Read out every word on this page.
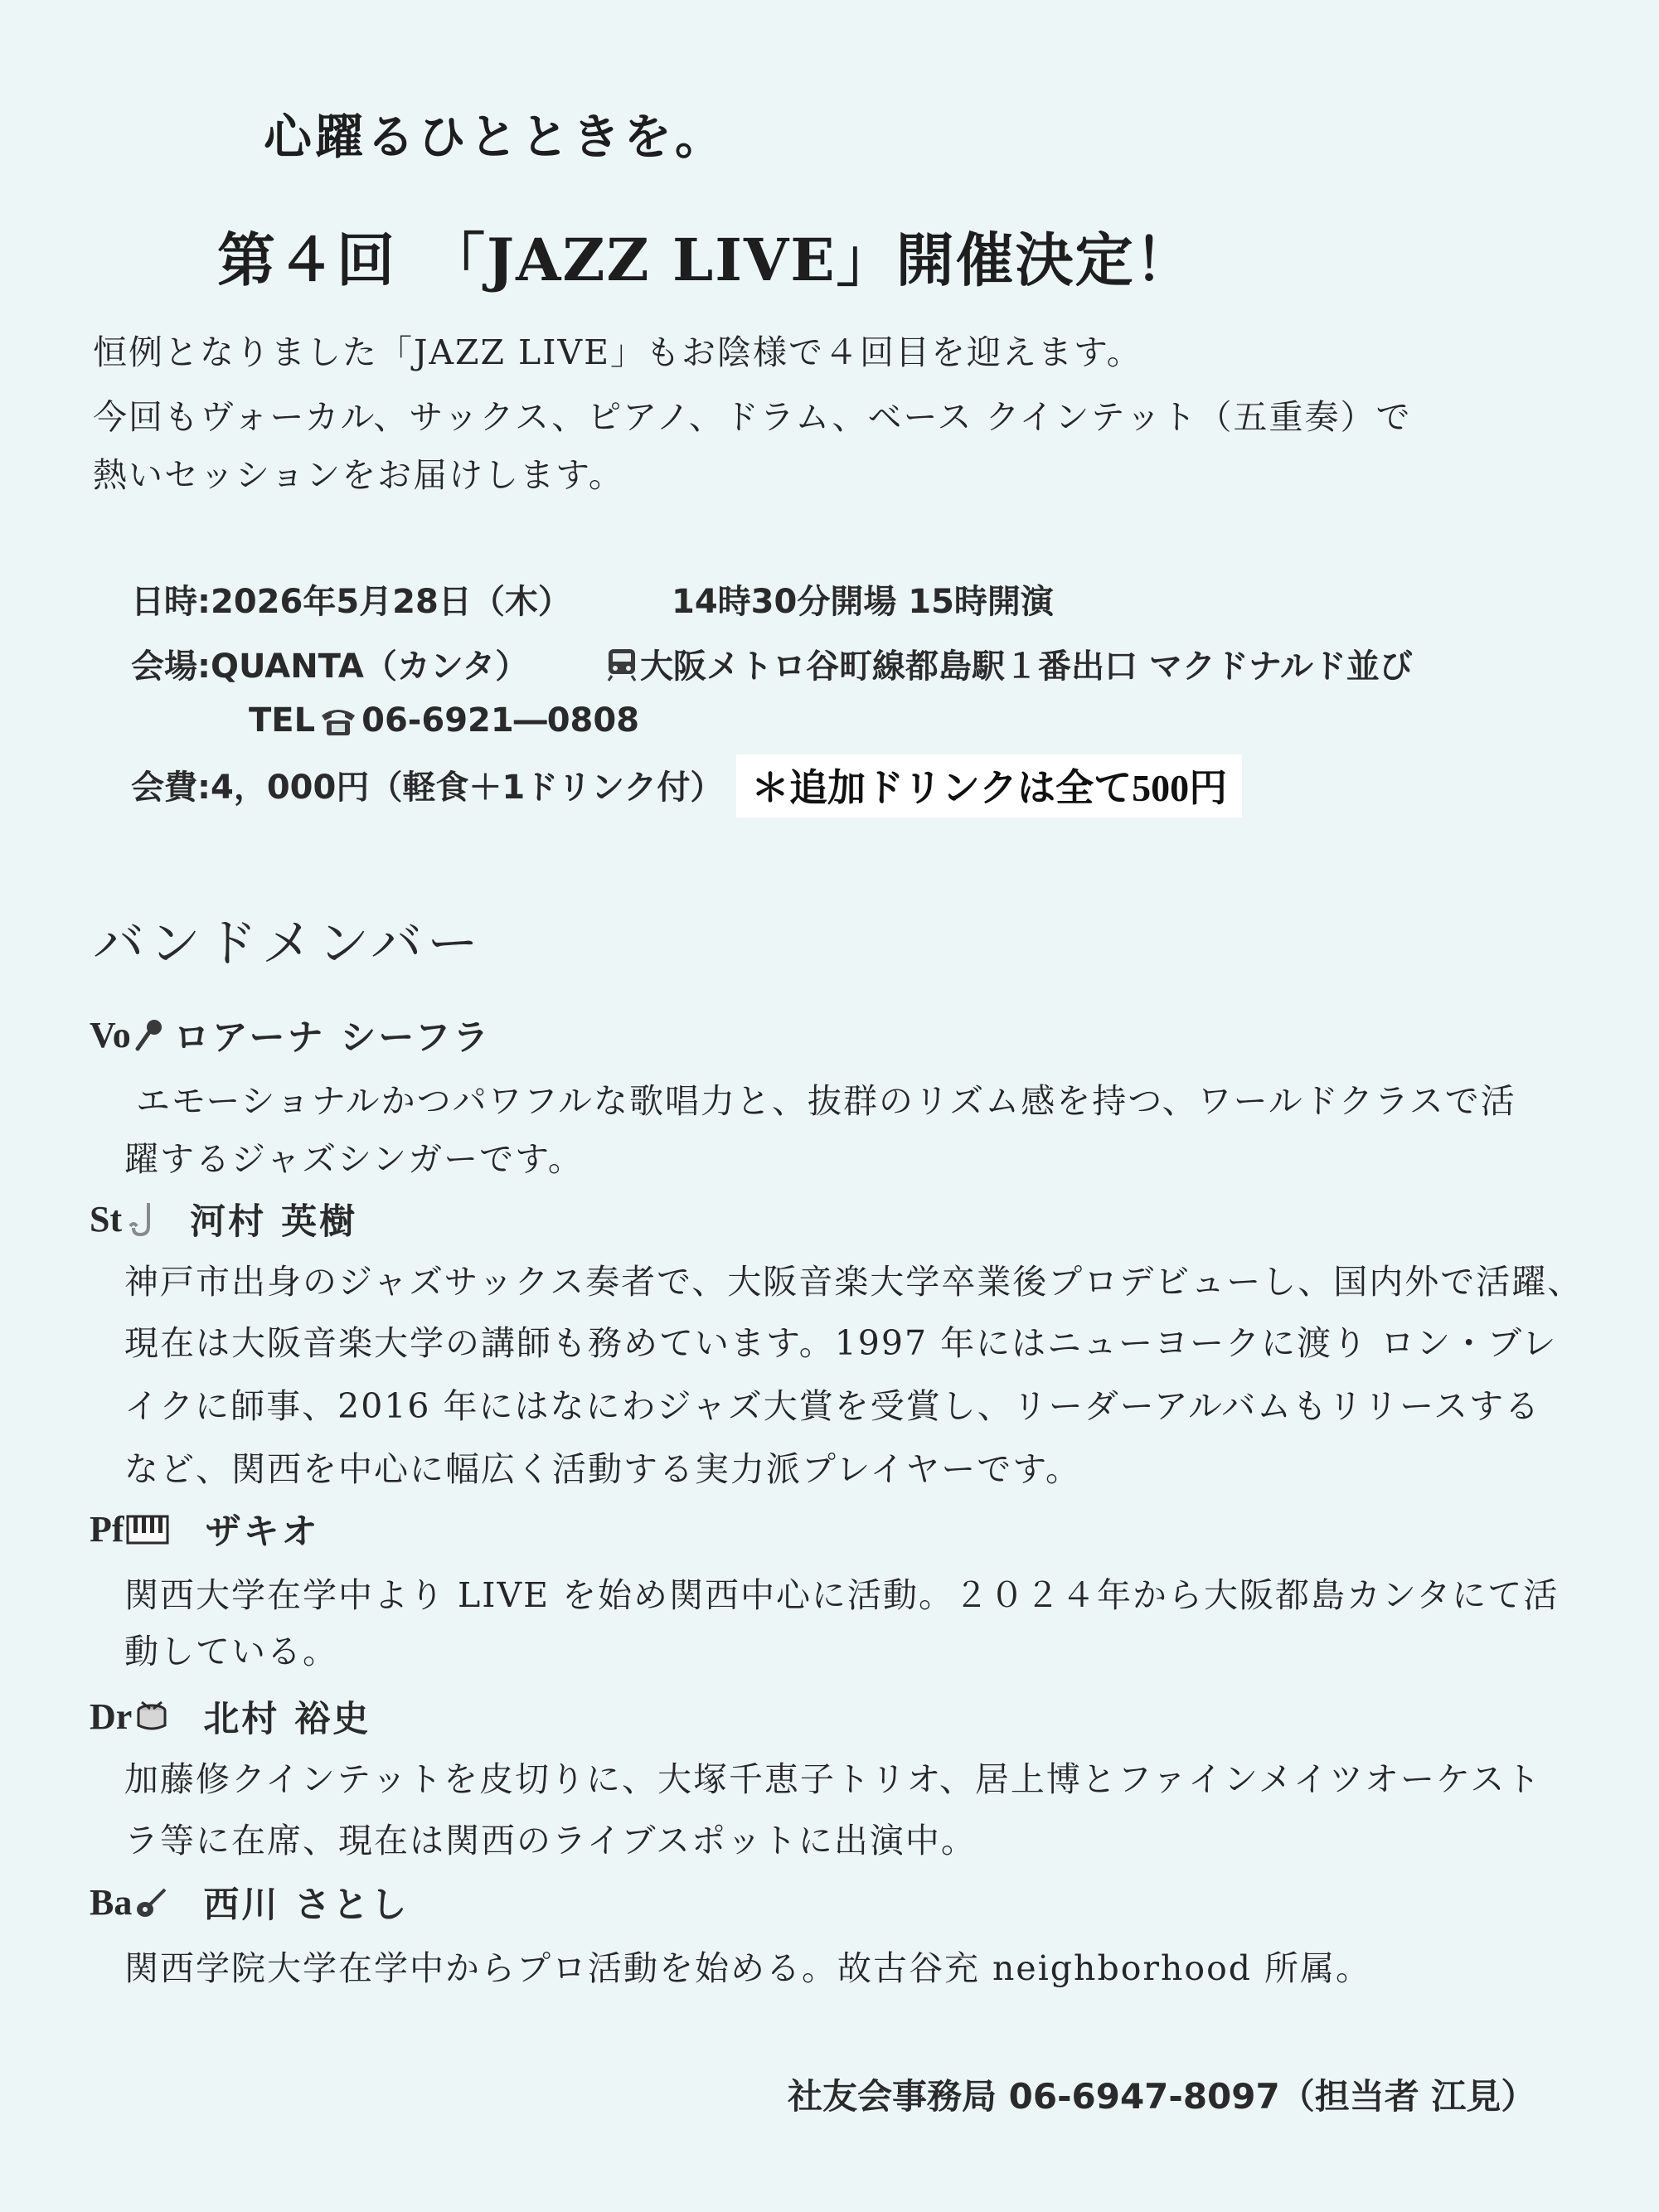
心躍るひとときを。
第４回　「JAZZ LIVE」開催決定！
恒例となりました「JAZZ LIVE」もお陰様で４回目を迎えます。
今回もヴォーカル、サックス、ピアノ、ドラム、ベース クインテット（五重奏）で
熱いセッションをお届けします。
日時:2026年5月28日（木）	14時30分開場 15時開演
会場:QUANTA（カンタ）	大阪メトロ谷町線都島駅１番出口 マクドナルド並び
TEL 06-6921―0808
会費:4，000円（軽食＋1ドリンク付） ＊追加ドリンクは全て500円
バンドメンバー
Vo ロアーナ シーフラ
エモーショナルかつパワフルな歌唱力と、抜群のリズム感を持つ、ワールドクラスで活
躍するジャズシンガーです。
St 河村 英樹
神戸市出身のジャズサックス奏者で、大阪音楽大学卒業後プロデビューし、国内外で活躍、
現在は大阪音楽大学の講師も務めています。1997 年にはニューヨークに渡り ロン・ブレ
イクに師事、2016 年にはなにわジャズ大賞を受賞し、リーダーアルバムもリリースする
など、関西を中心に幅広く活動する実力派プレイヤーです。
Pf ザキオ
関西大学在学中より LIVE を始め関西中心に活動。２０２４年から大阪都島カンタにて活
動している。
Dr 北村 裕史
加藤修クインテットを皮切りに、大塚千恵子トリオ、居上博とファインメイツオーケスト
ラ等に在席、現在は関西のライブスポットに出演中。
Ba 西川 さとし
関西学院大学在学中からプロ活動を始める。故古谷充 neighborhood 所属。
社友会事務局 06-6947-8097（担当者 江見）
